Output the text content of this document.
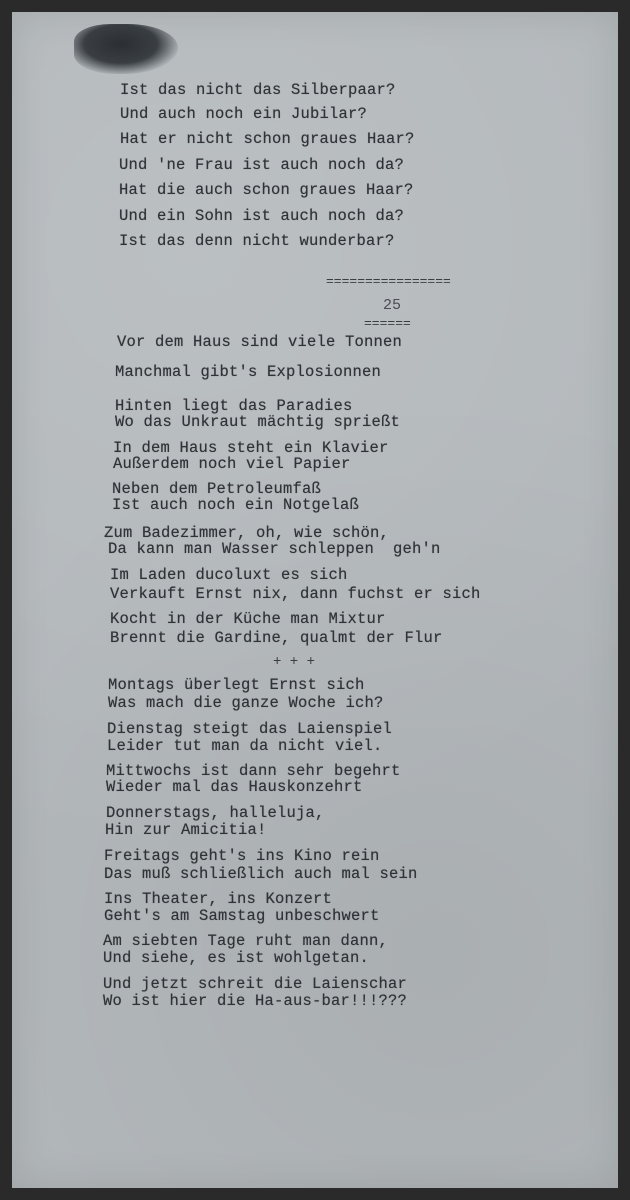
Ist das nicht das Silberpaar?
Und auch noch ein Jubilar?
Hat er nicht schon graues Haar?
Und 'ne Frau ist auch noch da?
Hat die auch schon graues Haar?
Und ein Sohn ist auch noch da?
Ist das denn nicht wunderbar?
================
25
======
Vor dem Haus sind viele Tonnen
Manchmal gibt's Explosionnen
Hinten liegt das Paradies
Wo das Unkraut mächtig sprießt
In dem Haus steht ein Klavier
Außerdem noch viel Papier
Neben dem Petroleumfaß
Ist auch noch ein Notgelaß
Zum Badezimmer, oh, wie schön,
Da kann man Wasser schleppen  geh'n
Im Laden ducoluxt es sich
Verkauft Ernst nix, dann fuchst er sich
Kocht in der Küche man Mixtur
Brennt die Gardine, qualmt der Flur
+ + +
Montags überlegt Ernst sich
Was mach die ganze Woche ich?
Dienstag steigt das Laienspiel
Leider tut man da nicht viel.
Mittwochs ist dann sehr begehrt
Wieder mal das Hauskonzehrt
Donnerstags, halleluja,
Hin zur Amicitia!
Freitags geht's ins Kino rein
Das muß schließlich auch mal sein
Ins Theater, ins Konzert
Geht's am Samstag unbeschwert
Am siebten Tage ruht man dann,
Und siehe, es ist wohlgetan.
Und jetzt schreit die Laienschar
Wo ist hier die Ha-aus-bar!!!???
